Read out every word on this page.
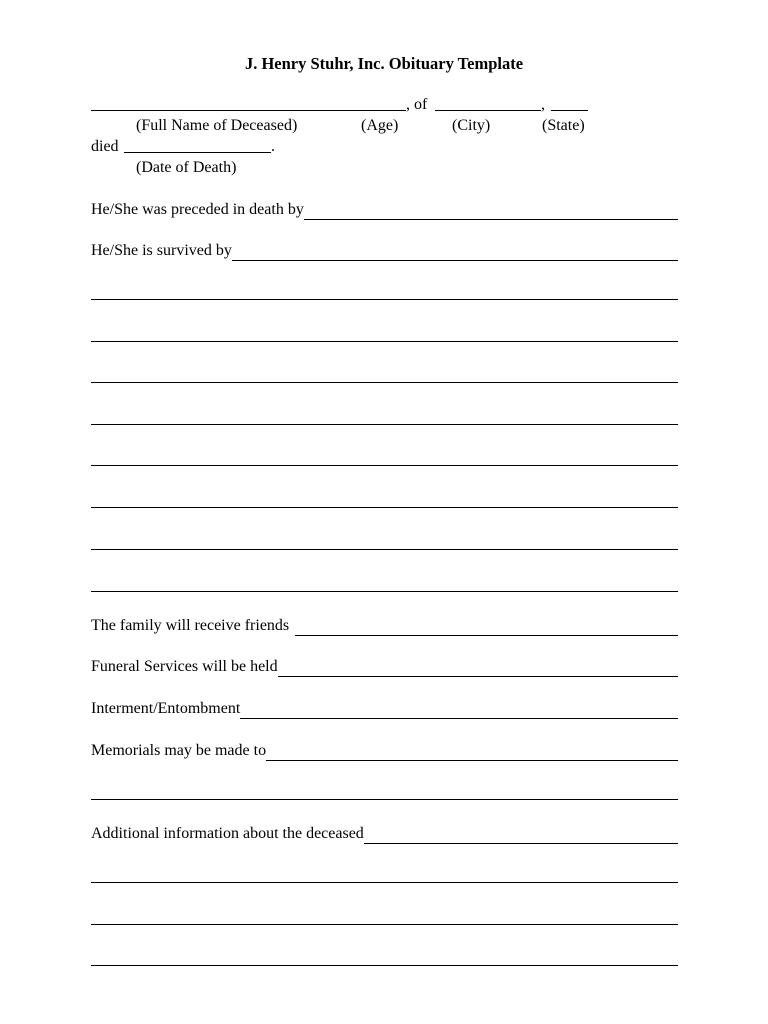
J. Henry Stuhr, Inc. Obituary Template
, of	,
(Full Name of Deceased)	(Age)	(City)	(State)
died	.
(Date of Death)
He/She was preceded in death by
He/She is survived by
The family will receive friends
Funeral Services will be held
Interment/Entombment
Memorials may be made to
Additional information about the deceased
